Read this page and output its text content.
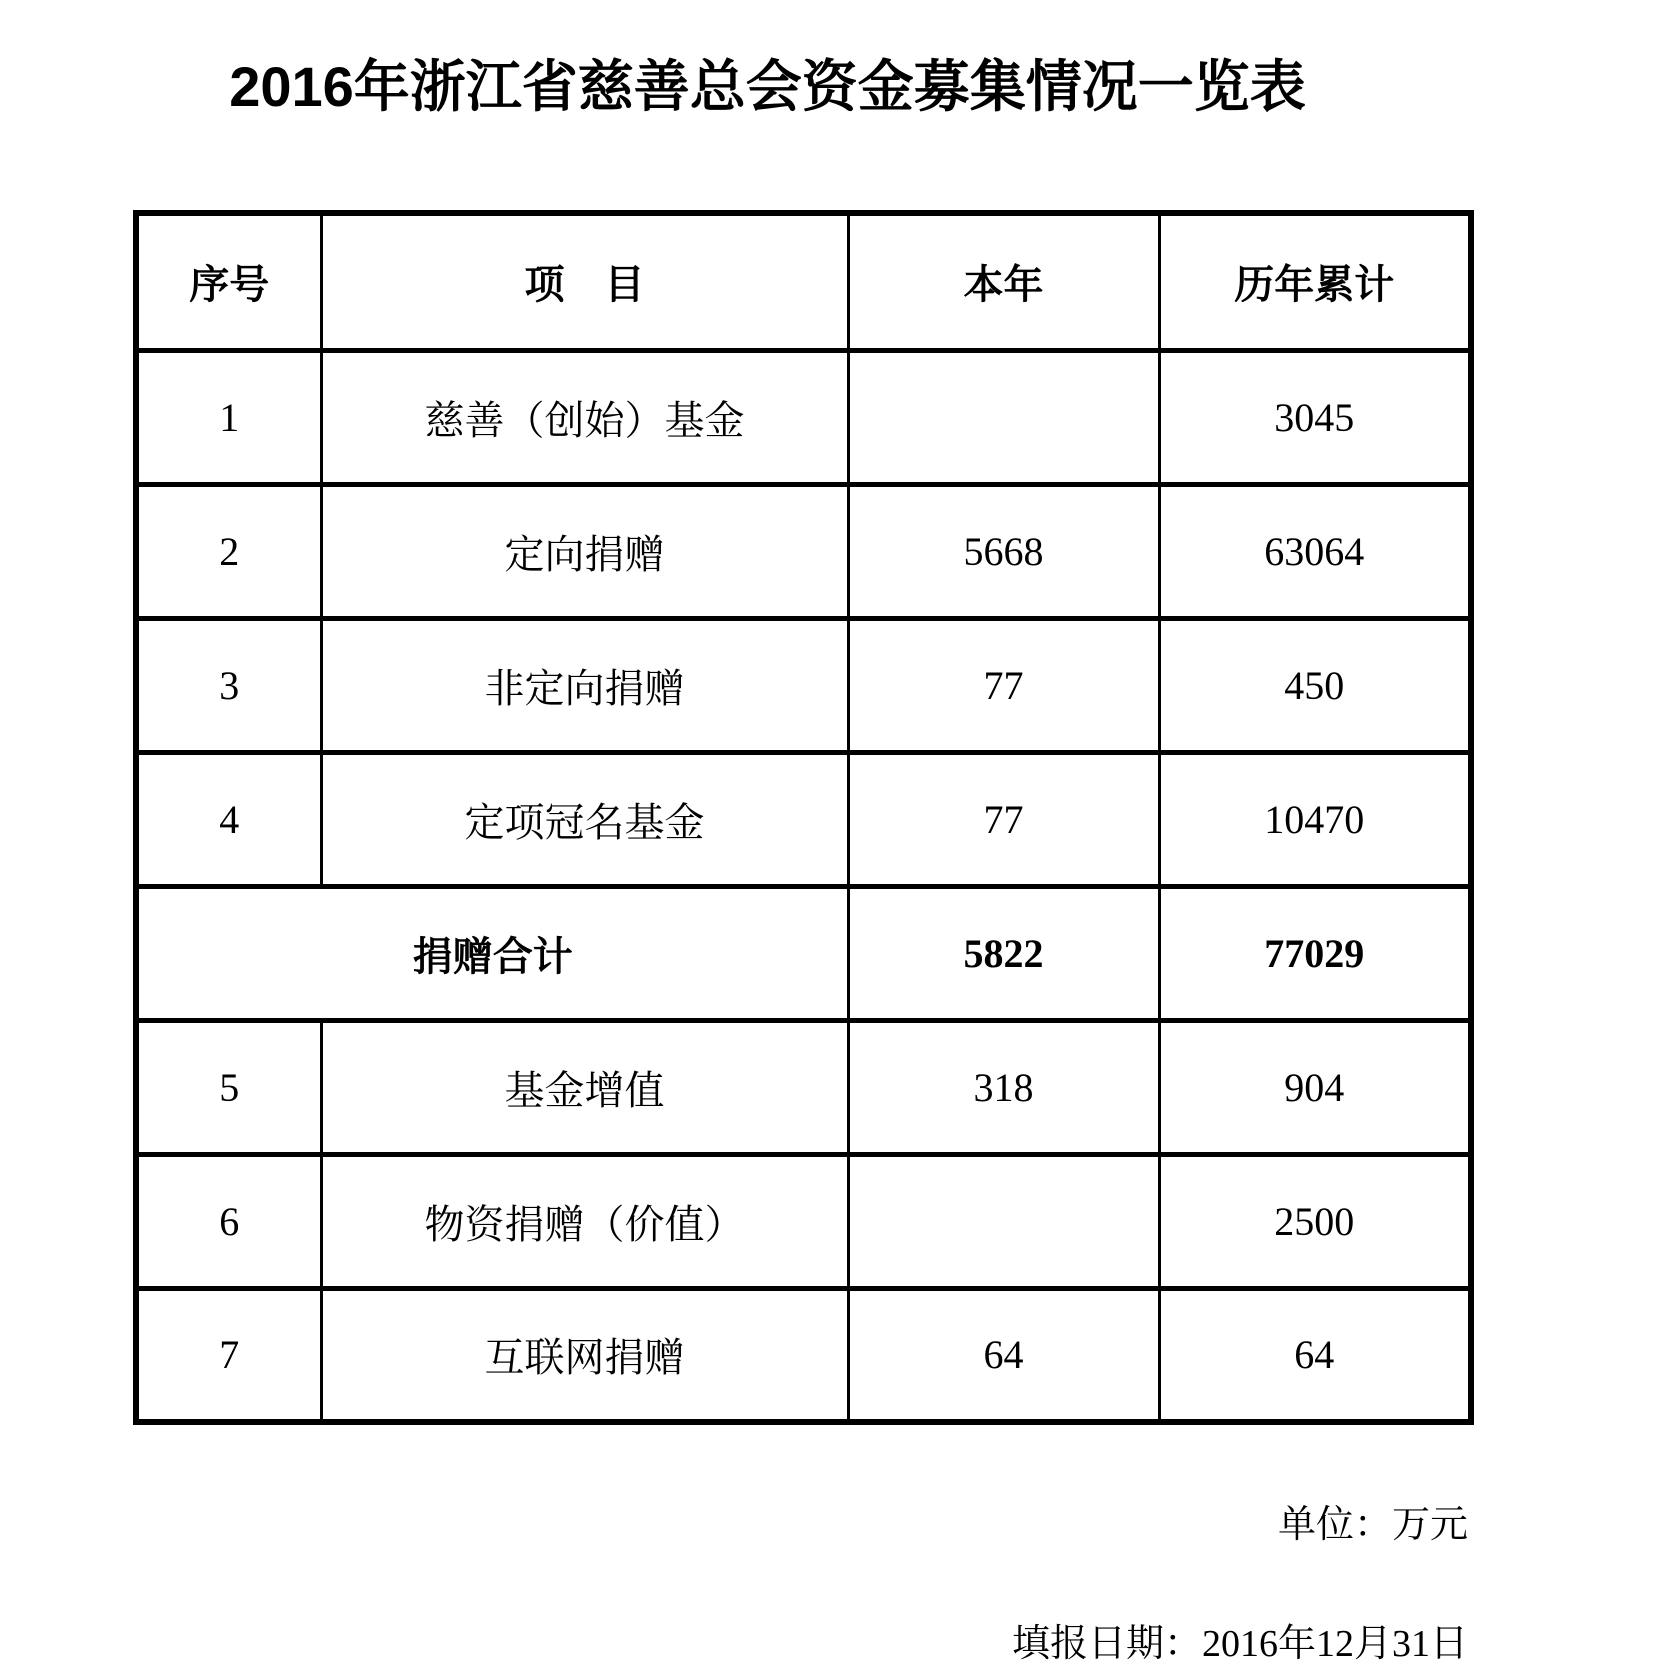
2016年浙江省慈善总会资金募集情况一览表
序号	项　目	本年	历年累计
1	慈善（创始）基金		3045
2	定向捐赠	5668	63064
3	非定向捐赠	77	450
4	定项冠名基金	77	10470
捐赠合计		5822	77029
5	基金增值	318	904
6	物资捐赠（价值）		2500
7	互联网捐赠	64	64
单位：万元
填报日期：2016年12月31日
